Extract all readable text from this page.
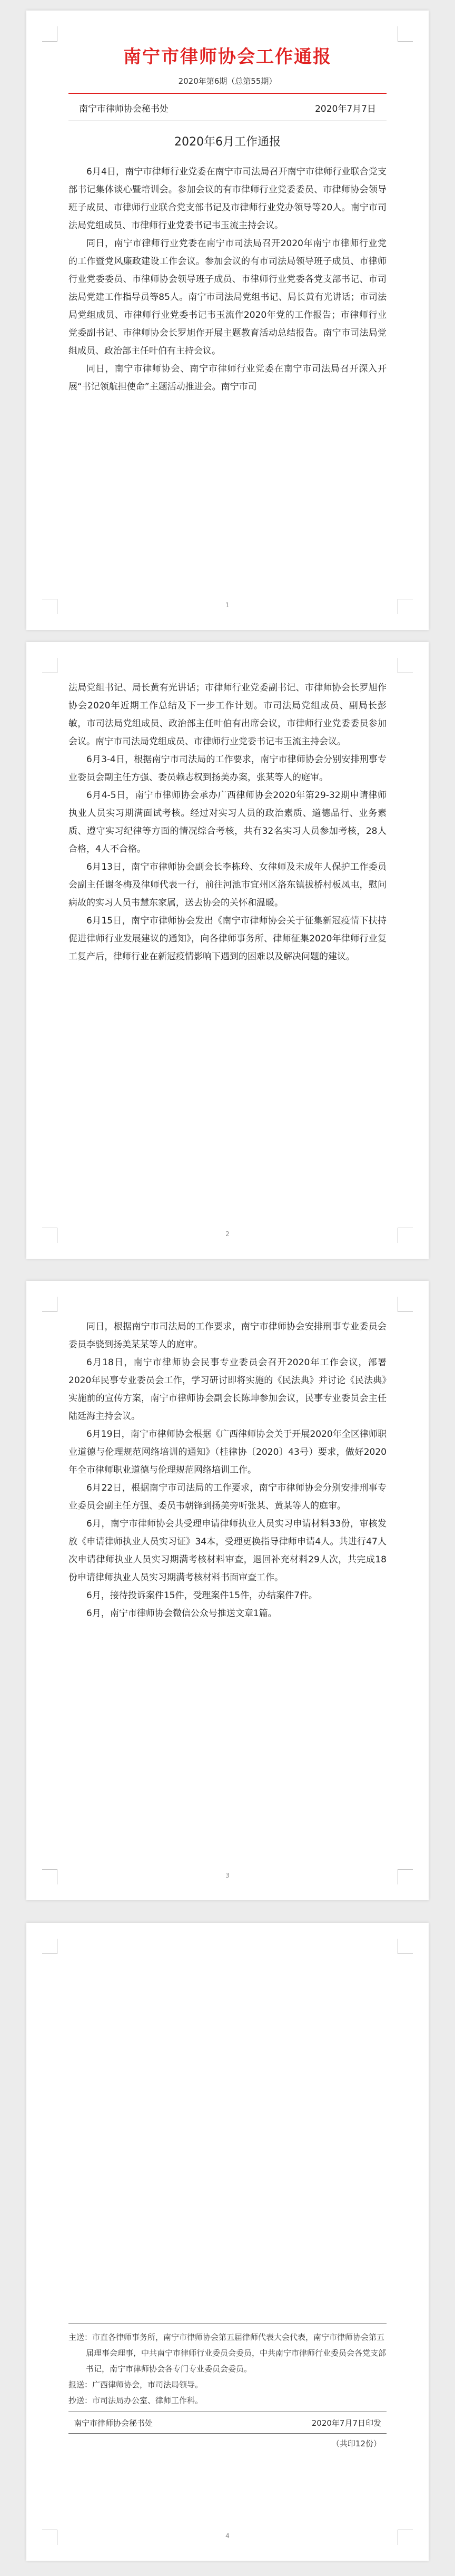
南宁市律师协会工作通报
2020年第6期（总第55期）
南宁市律师协会秘书处	2020年7月7日
2020年6月工作通报

6月4日，南宁市律师行业党委在南宁市司法局召开南宁市律师行业联合党支部书记集体谈心暨培训会。参加会议的有市律师行业党委委员、市律师协会领导班子成员、市律师行业联合党支部书记及市律师行业党办领导等20人。南宁市司法局党组成员、市律师行业党委书记韦玉流主持会议。

同日，南宁市律师行业党委在南宁市司法局召开2020年南宁市律师行业党的工作暨党风廉政建设工作会议。参加会议的有市司法局领导班子成员、市律师行业党委委员、市律师协会领导班子成员、市律师行业党委各党支部书记、市司法局党建工作指导员等85人。南宁市司法局党组书记、局长黄有光讲话；市司法局党组成员、市律师行业党委书记韦玉流作2020年党的工作报告；市律师行业党委副书记、市律师协会长罗旭作开展主题教育活动总结报告。南宁市司法局党组成员、政治部主任叶伯有主持会议。

同日，南宁市律师协会、南宁市律师行业党委在南宁市司法局召开深入开展“书记领航担使命”主题活动推进会。南宁市司

1

法局党组书记、局长黄有光讲话；市律师行业党委副书记、市律师协会长罗旭作协会2020年近期工作总结及下一步工作计划。市司法局党组成员、副局长彭敏，市司法局党组成员、政治部主任叶伯有出席会议，市律师行业党委委员参加会议。南宁市司法局党组成员、市律师行业党委书记韦玉流主持会议。

6月3-4日，根据南宁市司法局的工作要求，南宁市律师协会分别安排刑事专业委员会副主任方强、委员赖志权到扬美办案，张某等人的庭审。

6月4-5日，南宁市律师协会承办广西律师协会2020年第29-32期申请律师执业人员实习期满面试考核。经过对实习人员的政治素质、道德品行、业务素质、遵守实习纪律等方面的情况综合考核，共有32名实习人员参加考核，28人合格，4人不合格。

6月13日，南宁市律师协会副会长李栋玲、女律师及未成年人保护工作委员会副主任谢冬梅及律师代表一行，前往河池市宜州区洛东镇拔桥村板凤屯，慰问病故的实习人员韦慧东家属，送去协会的关怀和温暖。

6月15日，南宁市律师协会发出《南宁市律师协会关于征集新冠疫情下扶持促进律师行业发展建议的通知》，向各律师事务所、律师征集2020年律师行业复工复产后，律师行业在新冠疫情影响下遇到的困难以及解决问题的建议。

2

同日，根据南宁市司法局的工作要求，南宁市律师协会安排刑事专业委员会委员李骁到扬美某某等人的庭审。

6月18日，南宁市律师协会民事专业委员会召开2020年工作会议，部署2020年民事专业委员会工作，学习研讨即将实施的《民法典》并讨论《民法典》实施前的宣传方案，南宁市律师协会副会长陈坤参加会议，民事专业委员会主任陆廷海主持会议。

6月19日，南宁市律师协会根据《广西律师协会关于开展2020年全区律师职业道德与伦理规范网络培训的通知》（桂律协〔2020〕43号）要求，做好2020年全市律师职业道德与伦理规范网络培训工作。

6月22日，根据南宁市司法局的工作要求，南宁市律师协会分别安排刑事专业委员会副主任方强、委员韦朝锋到扬美旁听张某、黄某等人的庭审。

6月，南宁市律师协会共受理申请律师执业人员实习申请材料33份，审核发放《申请律师执业人员实习证》34本，受理更换指导律师申请4人。共进行47人次申请律师执业人员实习期满考核材料审查，退回补充材料29人次，共完成18份申请律师执业人员实习期满考核材料书面审查工作。

6月，接待投诉案件15件，受理案件15件，办结案件7件。

6月，南宁市律师协会微信公众号推送文章1篇。

3
主送：市直各律师事务所，南宁市律师协会第五届律师代表大会代表，南宁市律师协会第五届理事会理事，中共南宁市律师行业委员会委员，中共南宁市律师行业委员会各党支部书记，南宁市律师协会各专门专业委员会委员。
报送：广西律师协会，市司法局领导。
抄送：市司法局办公室、律师工作科。
南宁市律师协会秘书处	2020年7月7日印发
（共印12份）
4
